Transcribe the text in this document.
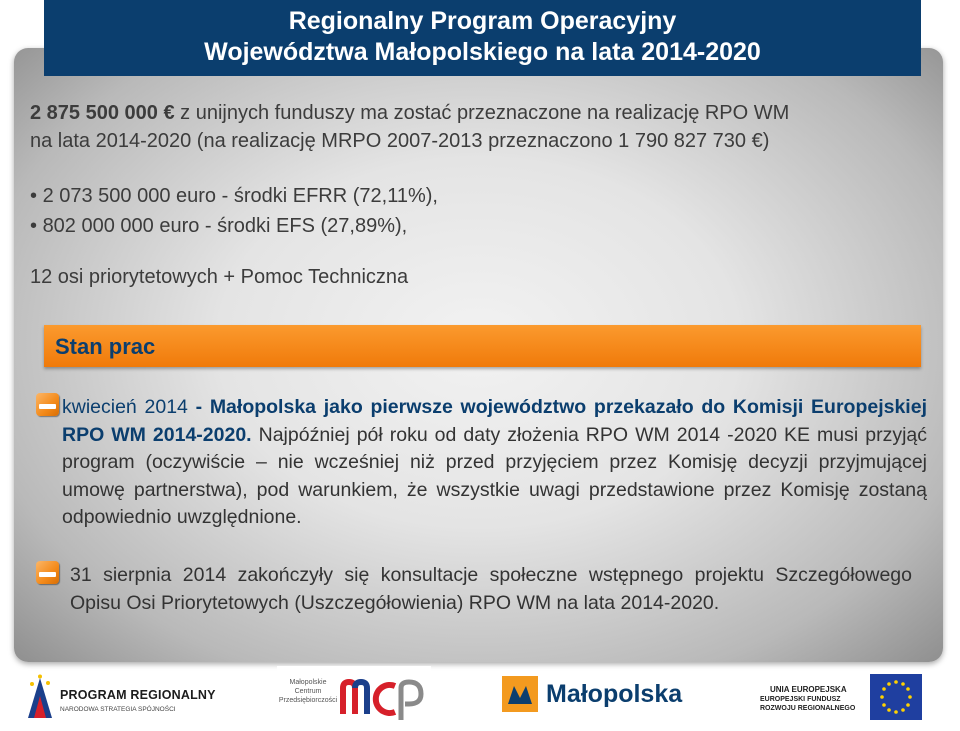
Regionalny Program Operacyjny
Województwa Małopolskiego na lata 2014-2020
2 875 500 000 € z unijnych funduszy ma zostać przeznaczone na realizację RPO WM
na lata 2014-2020 (na realizację MRPO 2007-2013 przeznaczono 1 790 827 730 €)
• 2 073 500 000 euro - środki EFRR (72,11%),
• 802 000 000 euro - środki EFS (27,89%),
12 osi priorytetowych + Pomoc Techniczna
Stan prac
kwiecień 2014 - Małopolska jako pierwsze województwo przekazało do Komisji Europejskiej RPO WM 2014-2020. Najpóźniej pół roku od daty złożenia RPO WM 2014 -2020 KE musi przyjąć program (oczywiście – nie wcześniej niż przed przyjęciem przez Komisję decyzji przyjmującej umowę partnerstwa), pod warunkiem, że wszystkie uwagi przedstawione przez Komisję zostaną odpowiednio uwzględnione.
31 sierpnia 2014 zakończyły się konsultacje społeczne wstępnego projektu Szczegółowego Opisu Osi Priorytetowych (Uszczegółowienia) RPO WM na lata 2014-2020.
PROGRAM REGIONALNY
NARODOWA STRATEGIA SPÓJNOŚCI
Małopolskie Centrum Przedsiębiorczości	Małopolska	UNIA EUROPEJSKA
EUROPEJSKI FUNDUSZ
ROZWOJU REGIONALNEGO
